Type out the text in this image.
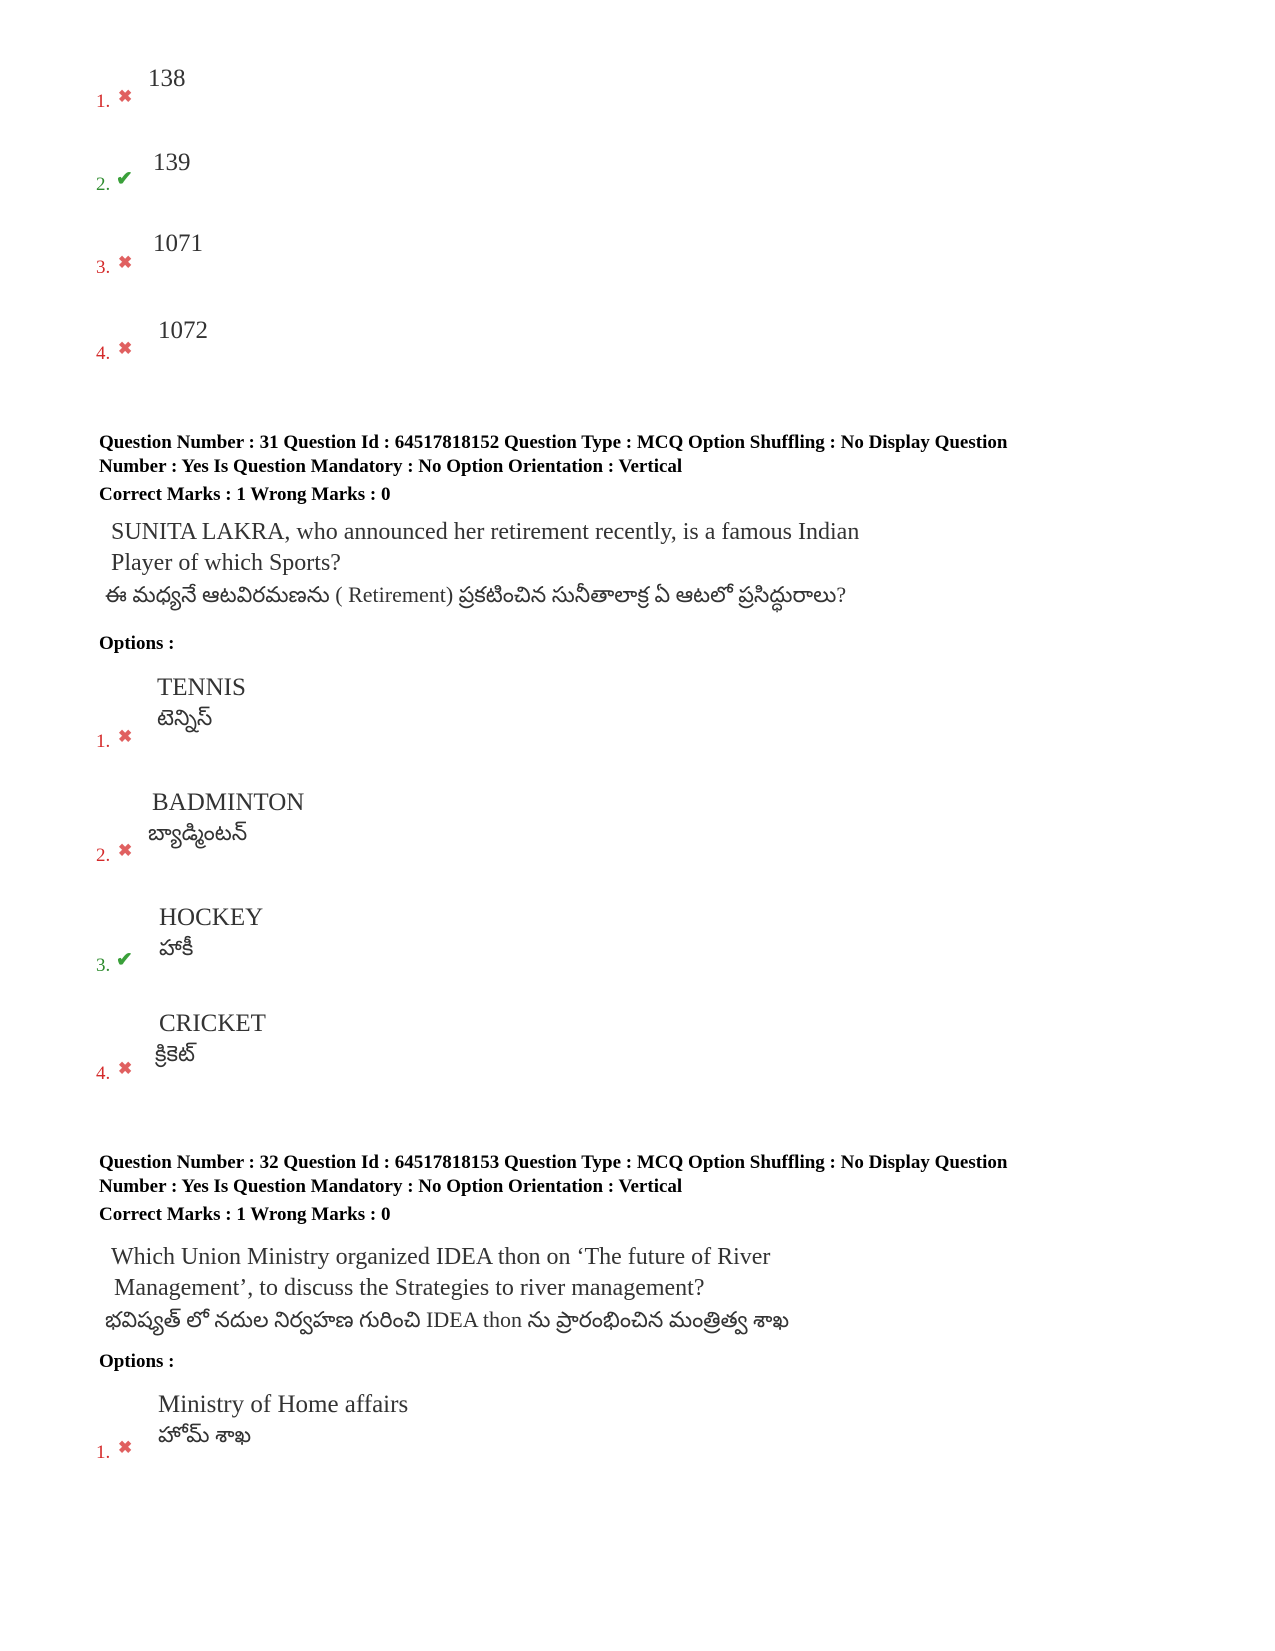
1. ✖
138
2. ✔
139
3. ✖
1071
4. ✖
1072
Question Number : 31 Question Id : 64517818152 Question Type : MCQ Option Shuffling : No Display Question
Number : Yes Is Question Mandatory : No Option Orientation : Vertical
Correct Marks : 1 Wrong Marks : 0
SUNITA LAKRA, who announced her retirement recently, is a famous Indian
Player of which Sports?
ఈ మధ్యనే ఆటవిరమణను ( Retirement) ప్రకటించిన సునీతాలాక్ర ఏ ఆటలో ప్రసిద్ధురాలు?
Options :
1. ✖
TENNIS
టెన్నిస్
2. ✖
BADMINTON
బ్యాడ్మింటన్
3. ✔
HOCKEY
హాకీ
4. ✖
CRICKET
క్రికెట్
Question Number : 32 Question Id : 64517818153 Question Type : MCQ Option Shuffling : No Display Question
Number : Yes Is Question Mandatory : No Option Orientation : Vertical
Correct Marks : 1 Wrong Marks : 0
Which Union Ministry organized IDEA thon on ‘The future of River
Management’, to discuss the Strategies to river management?
భవిష్యత్ లో నదుల నిర్వహణ గురించి IDEA thon ను ప్రారంభించిన మంత్రిత్వ శాఖ
Options :
1. ✖
Ministry of Home affairs
హోమ్ శాఖ
